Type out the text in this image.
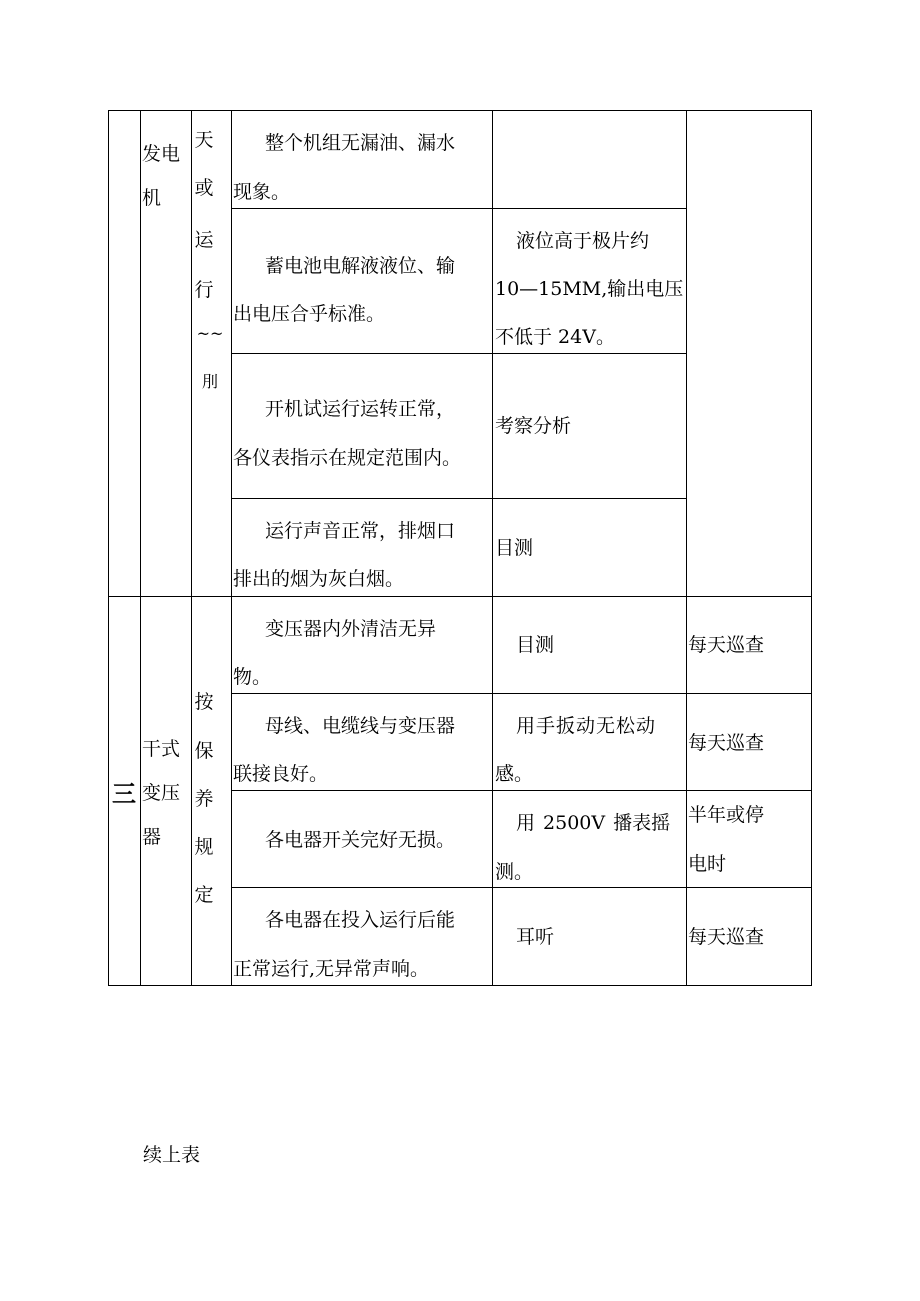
发电
机
天
或
运
行
~~刖
整个机组无漏油、漏水
现象。
蓄电池电解液液位、输
出电压合乎标准。
液位高于极片约
10—15MM,输出电压
不低于 24V。
开机试运行运转正常，
各仪表指示在规定范围内。
考察分析
运行声音正常，排烟口
排出的烟为灰白烟。
目测
三
干式
变压
器
按
保
养
规
定
变压器内外清洁无异
物。
目测	每天巡查
母线、电缆线与变压器
联接良好。
用手扳动无松动
感。
每天巡查
各电器开关完好无损。
用 2500V 播表摇
测。
半年或停
电时
各电器在投入运行后能
正常运行,无异常声响。
耳听	每天巡查
续上表
